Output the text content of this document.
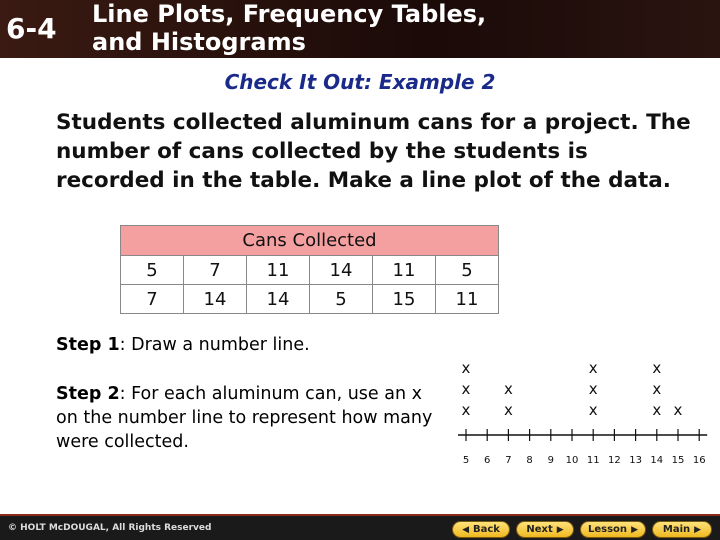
6-4 Line Plots, Frequency Tables,
and Histograms
Check It Out: Example 2
Students collected aluminum cans for a project. The number of cans collected by the students is recorded in the table. Make a line plot of the data.
Cans Collected					
5	7	11	14	11	5
7	14	14	5	15	11
Step 1: Draw a number line.
Step 2: For each aluminum can, use an x on the number line to represent how many were collected.
5 6 7 8 9 10 11 12 13 14 15 16
x
x
x
x
x
x
x
x
x
x
x
x
© HOLT McDOUGAL, All Rights Reserved	◀ Back	Next ▶ Lesson ▶ Main ▶
